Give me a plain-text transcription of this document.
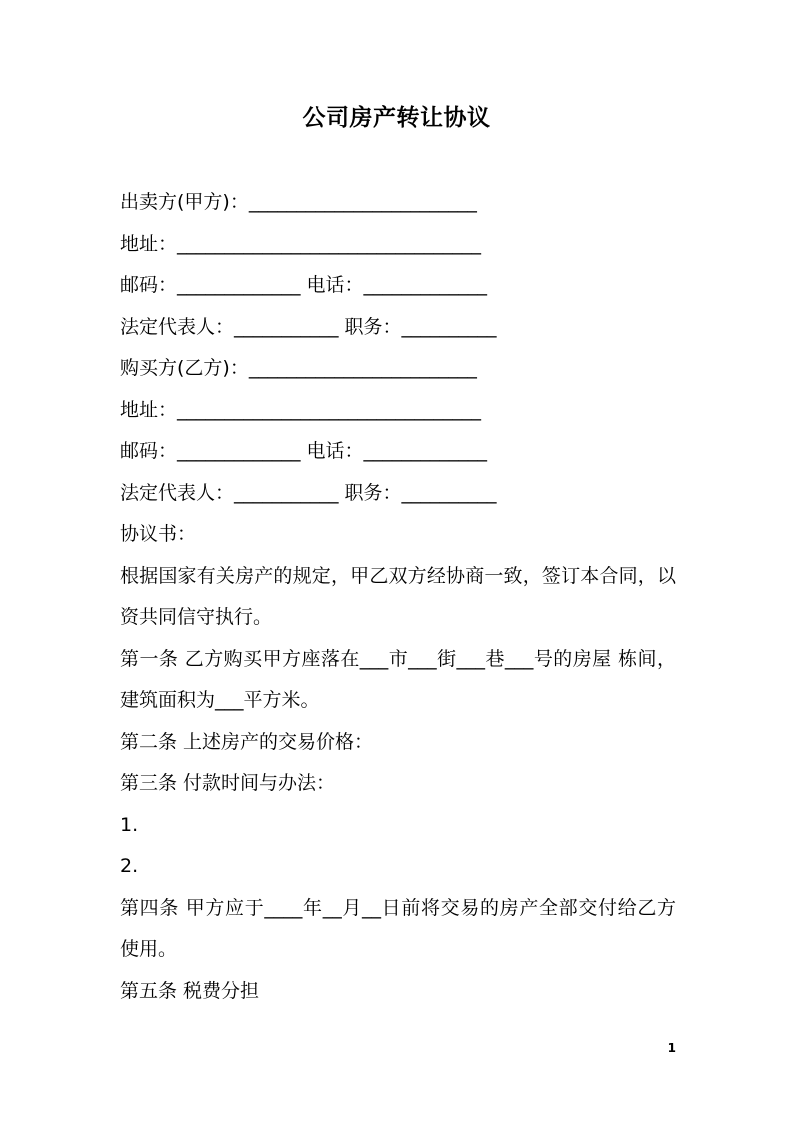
公司房产转让协议
出卖方(甲方)：________________________
地址：________________________________
邮码：_____________ 电话：_____________
法定代表人：___________ 职务：__________
购买方(乙方)：________________________
地址：________________________________
邮码：_____________ 电话：_____________
法定代表人：___________ 职务：__________
协议书：
根据国家有关房产的规定，甲乙双方经协商一致，签订本合同，以资共同信守执行。
第一条 乙方购买甲方座落在___市___街___巷___号的房屋 栋间，建筑面积为___平方米。
第二条 上述房产的交易价格：
第三条 付款时间与办法：
1.
2.
第四条 甲方应于____年__月__日前将交易的房产全部交付给乙方使用。
第五条 税费分担
1
